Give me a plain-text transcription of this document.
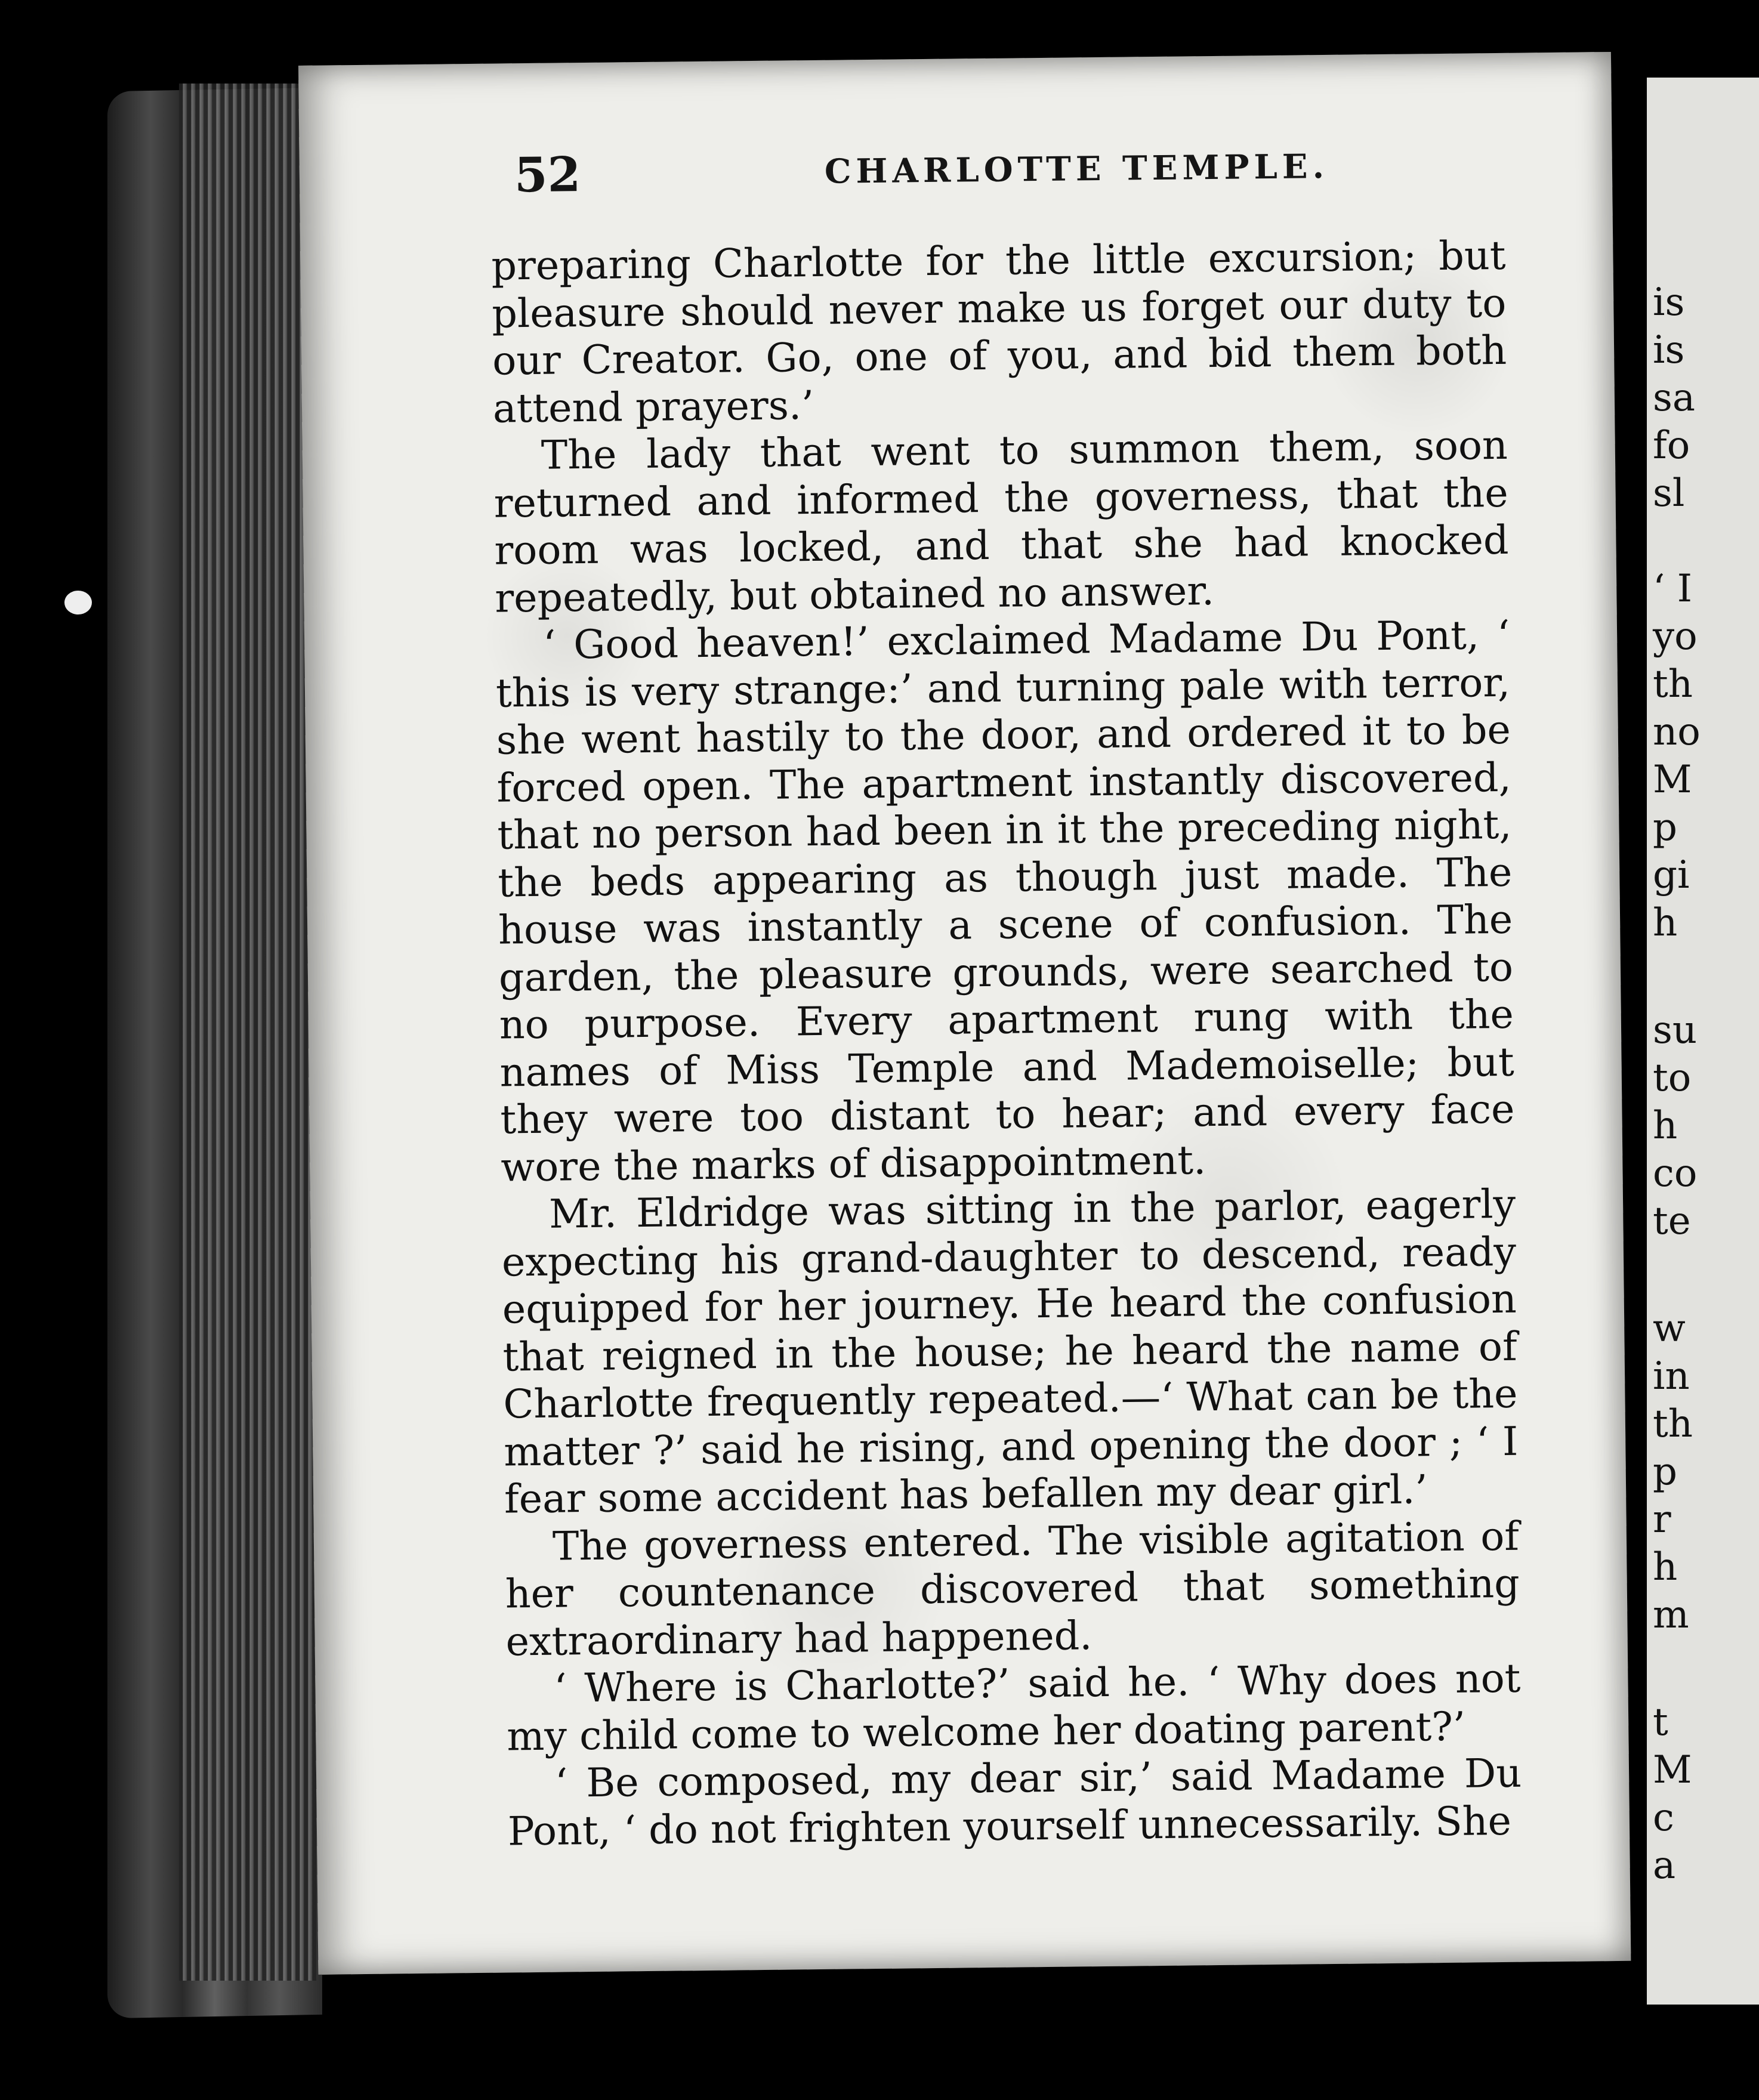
52	CHARLOTTE TEMPLE.

preparing Charlotte for the little excursion; but pleasure should never make us forget our duty to our Creator. Go, one of you, and bid them both attend prayers.’

The lady that went to summon them, soon returned and informed the governess, that the room was locked, and that she had knocked repeatedly, but obtained no answer.

‘ Good heaven!’ exclaimed Madame Du Pont, ‘ this is very strange:’ and turning pale with terror, she went hastily to the door, and ordered it to be forced open. The apartment instantly discovered, that no person had been in it the preceding night, the beds appearing as though just made. The house was instantly a scene of confusion. The garden, the pleasure grounds, were searched to no purpose. Every apartment rung with the names of Miss Temple and Mademoiselle; but they were too distant to hear; and every face wore the marks of disappointment.

Mr. Eldridge was sitting in the parlor, eagerly expecting his grand-daughter to descend, ready equipped for her journey. He heard the confusion that reigned in the house; he heard the name of Charlotte frequently repeated.—‘ What can be the matter ?’ said he rising, and opening the door ; ‘ I fear some accident has befallen my dear girl.’

The governess entered. The visible agitation of her countenance discovered that something extraordinary had happened.

‘ Where is Charlotte?’ said he. ‘ Why does not my child come to welcome her doating parent?’

‘ Be composed, my dear sir,’ said Madame Du Pont, ‘ do not frighten yourself unnecessarily. She

is
is
sa
fo
sl
‘ I
yo
th
no
M
p
gi
h
su
to
h
co
te
w
in
th
p
r
h
m
t
M
c
a
